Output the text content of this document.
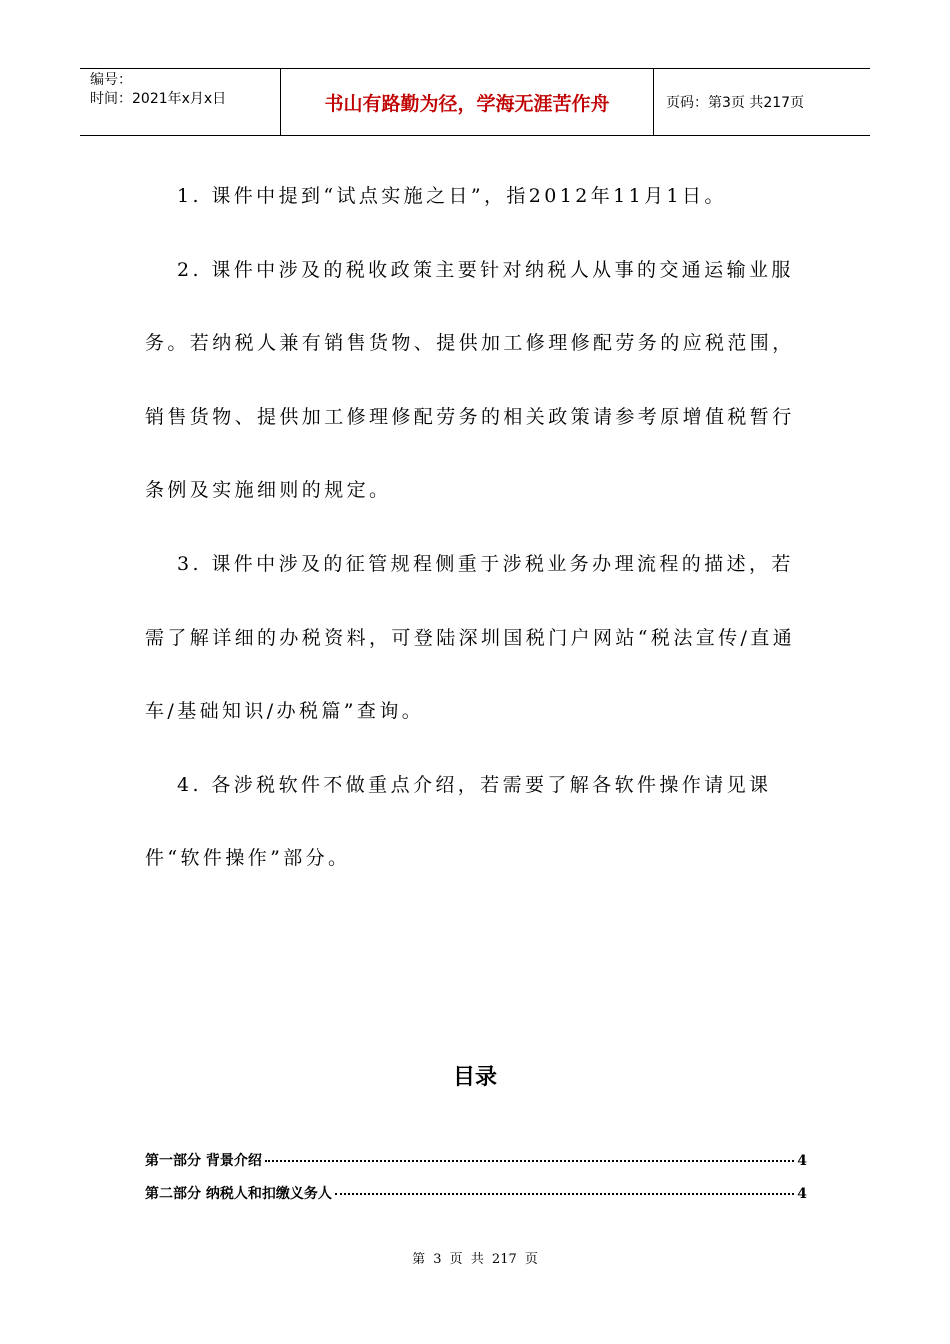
编号：
时间：2021年x月x日	书山有路勤为径，学海无涯苦作舟	页码：第3页 共217页

1. 课件中提到“试点实施之日”，指2012年11月1日。

2. 课件中涉及的税收政策主要针对纳税人从事的交通运输业服务。若纳税人兼有销售货物、提供加工修理修配劳务的应税范围，销售货物、提供加工修理修配劳务的相关政策请参考原增值税暂行条例及实施细则的规定。

3. 课件中涉及的征管规程侧重于涉税业务办理流程的描述，若需了解详细的办税资料，可登陆深圳国税门户网站“税法宣传/直通车/基础知识/办税篇”查询。

4. 各涉税软件不做重点介绍，若需要了解各软件操作请见课件“软件操作”部分。

目录
第一部分 背景介绍	4
第二部分 纳税人和扣缴义务人	4
第 3 页 共 217 页
